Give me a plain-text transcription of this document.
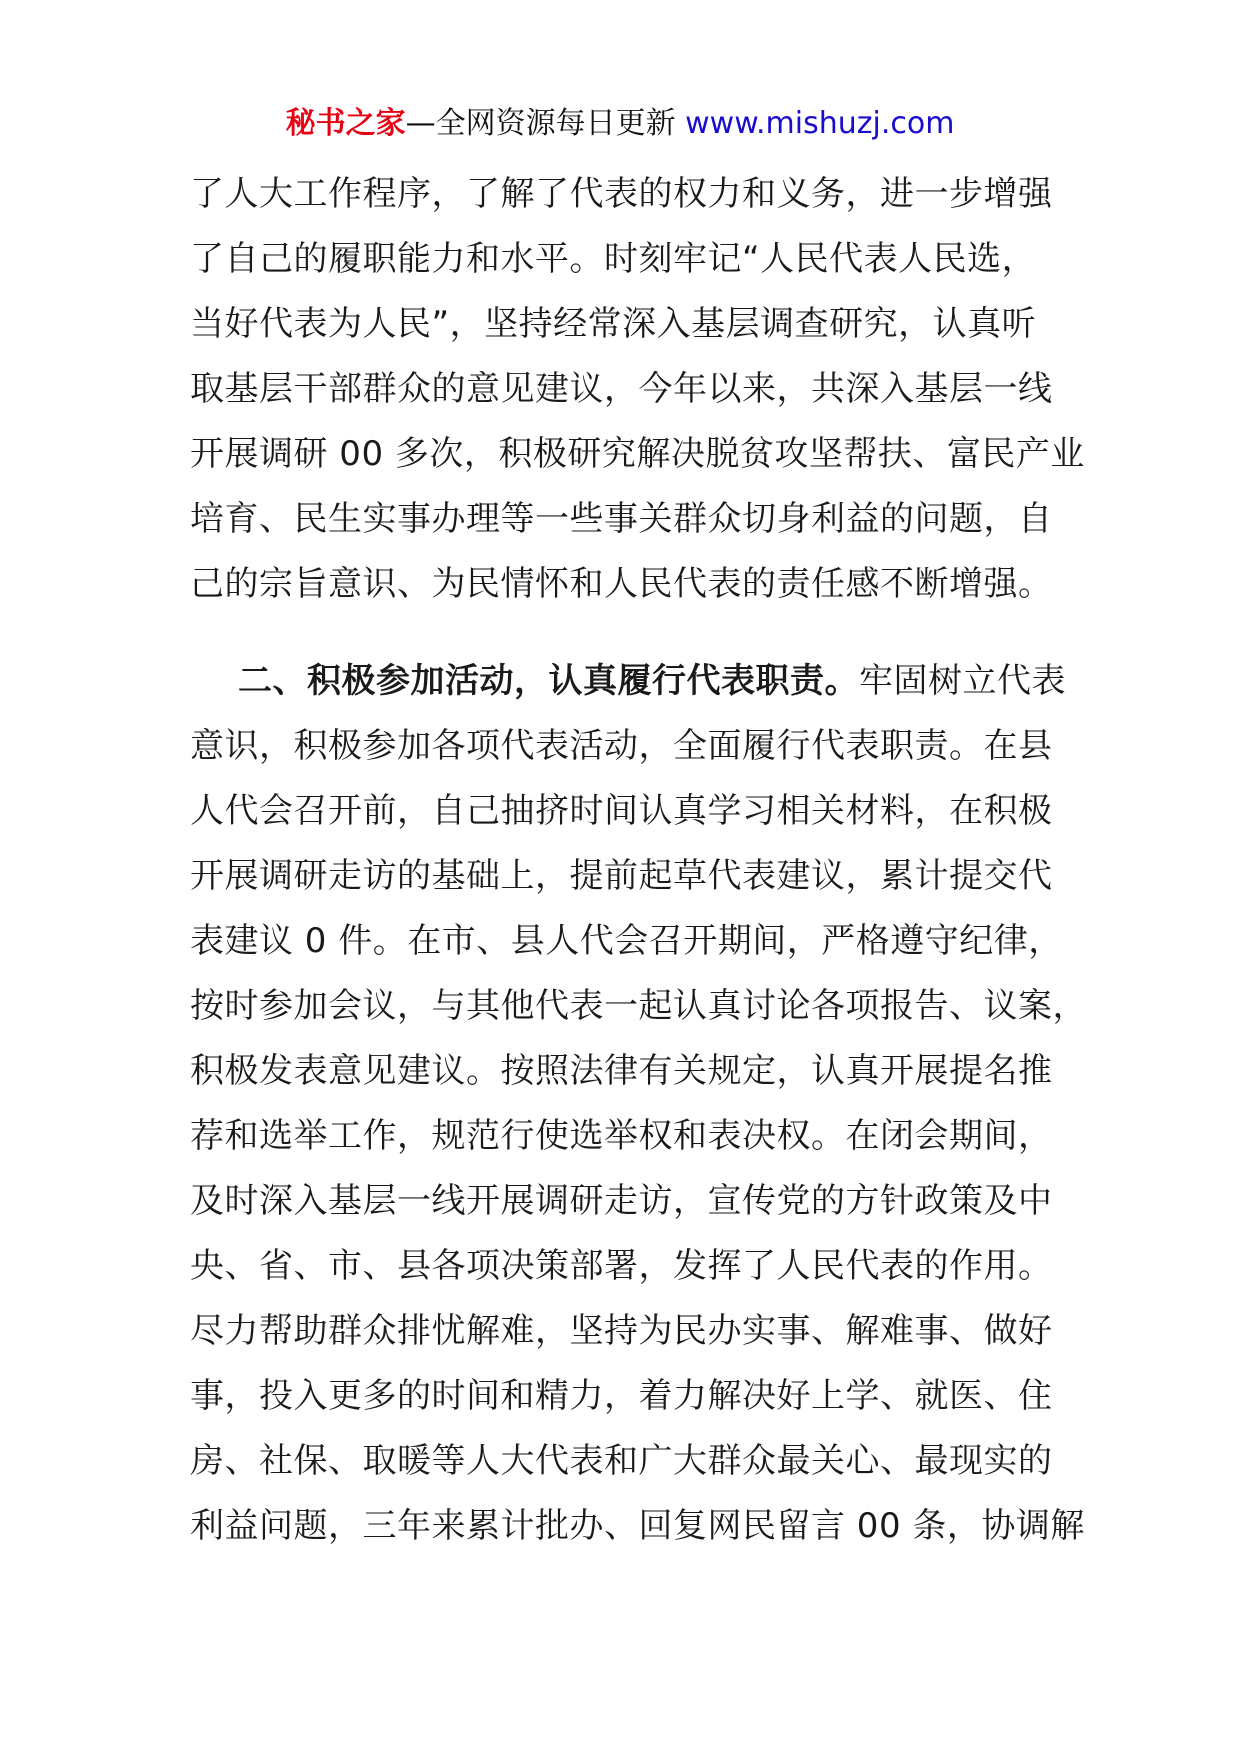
秘书之家—全网资源每日更新 www.mishuzj.com
了人大工作程序，了解了代表的权力和义务，进一步增强
了自己的履职能力和水平。时刻牢记“人民代表人民选，
当好代表为人民”，坚持经常深入基层调查研究，认真听
取基层干部群众的意见建议，今年以来，共深入基层一线
开展调研 00 多次，积极研究解决脱贫攻坚帮扶、富民产业
培育、民生实事办理等一些事关群众切身利益的问题，自
己的宗旨意识、为民情怀和人民代表的责任感不断增强。
二、积极参加活动，认真履行代表职责。牢固树立代表
意识，积极参加各项代表活动，全面履行代表职责。在县
人代会召开前，自己抽挤时间认真学习相关材料，在积极
开展调研走访的基础上，提前起草代表建议，累计提交代
表建议 0 件。在市、县人代会召开期间，严格遵守纪律，
按时参加会议，与其他代表一起认真讨论各项报告、议案，
积极发表意见建议。按照法律有关规定，认真开展提名推
荐和选举工作，规范行使选举权和表决权。在闭会期间，
及时深入基层一线开展调研走访，宣传党的方针政策及中
央、省、市、县各项决策部署，发挥了人民代表的作用。
尽力帮助群众排忧解难，坚持为民办实事、解难事、做好
事，投入更多的时间和精力，着力解决好上学、就医、住
房、社保、取暖等人大代表和广大群众最关心、最现实的
利益问题，三年来累计批办、回复网民留言 00 条，协调解
